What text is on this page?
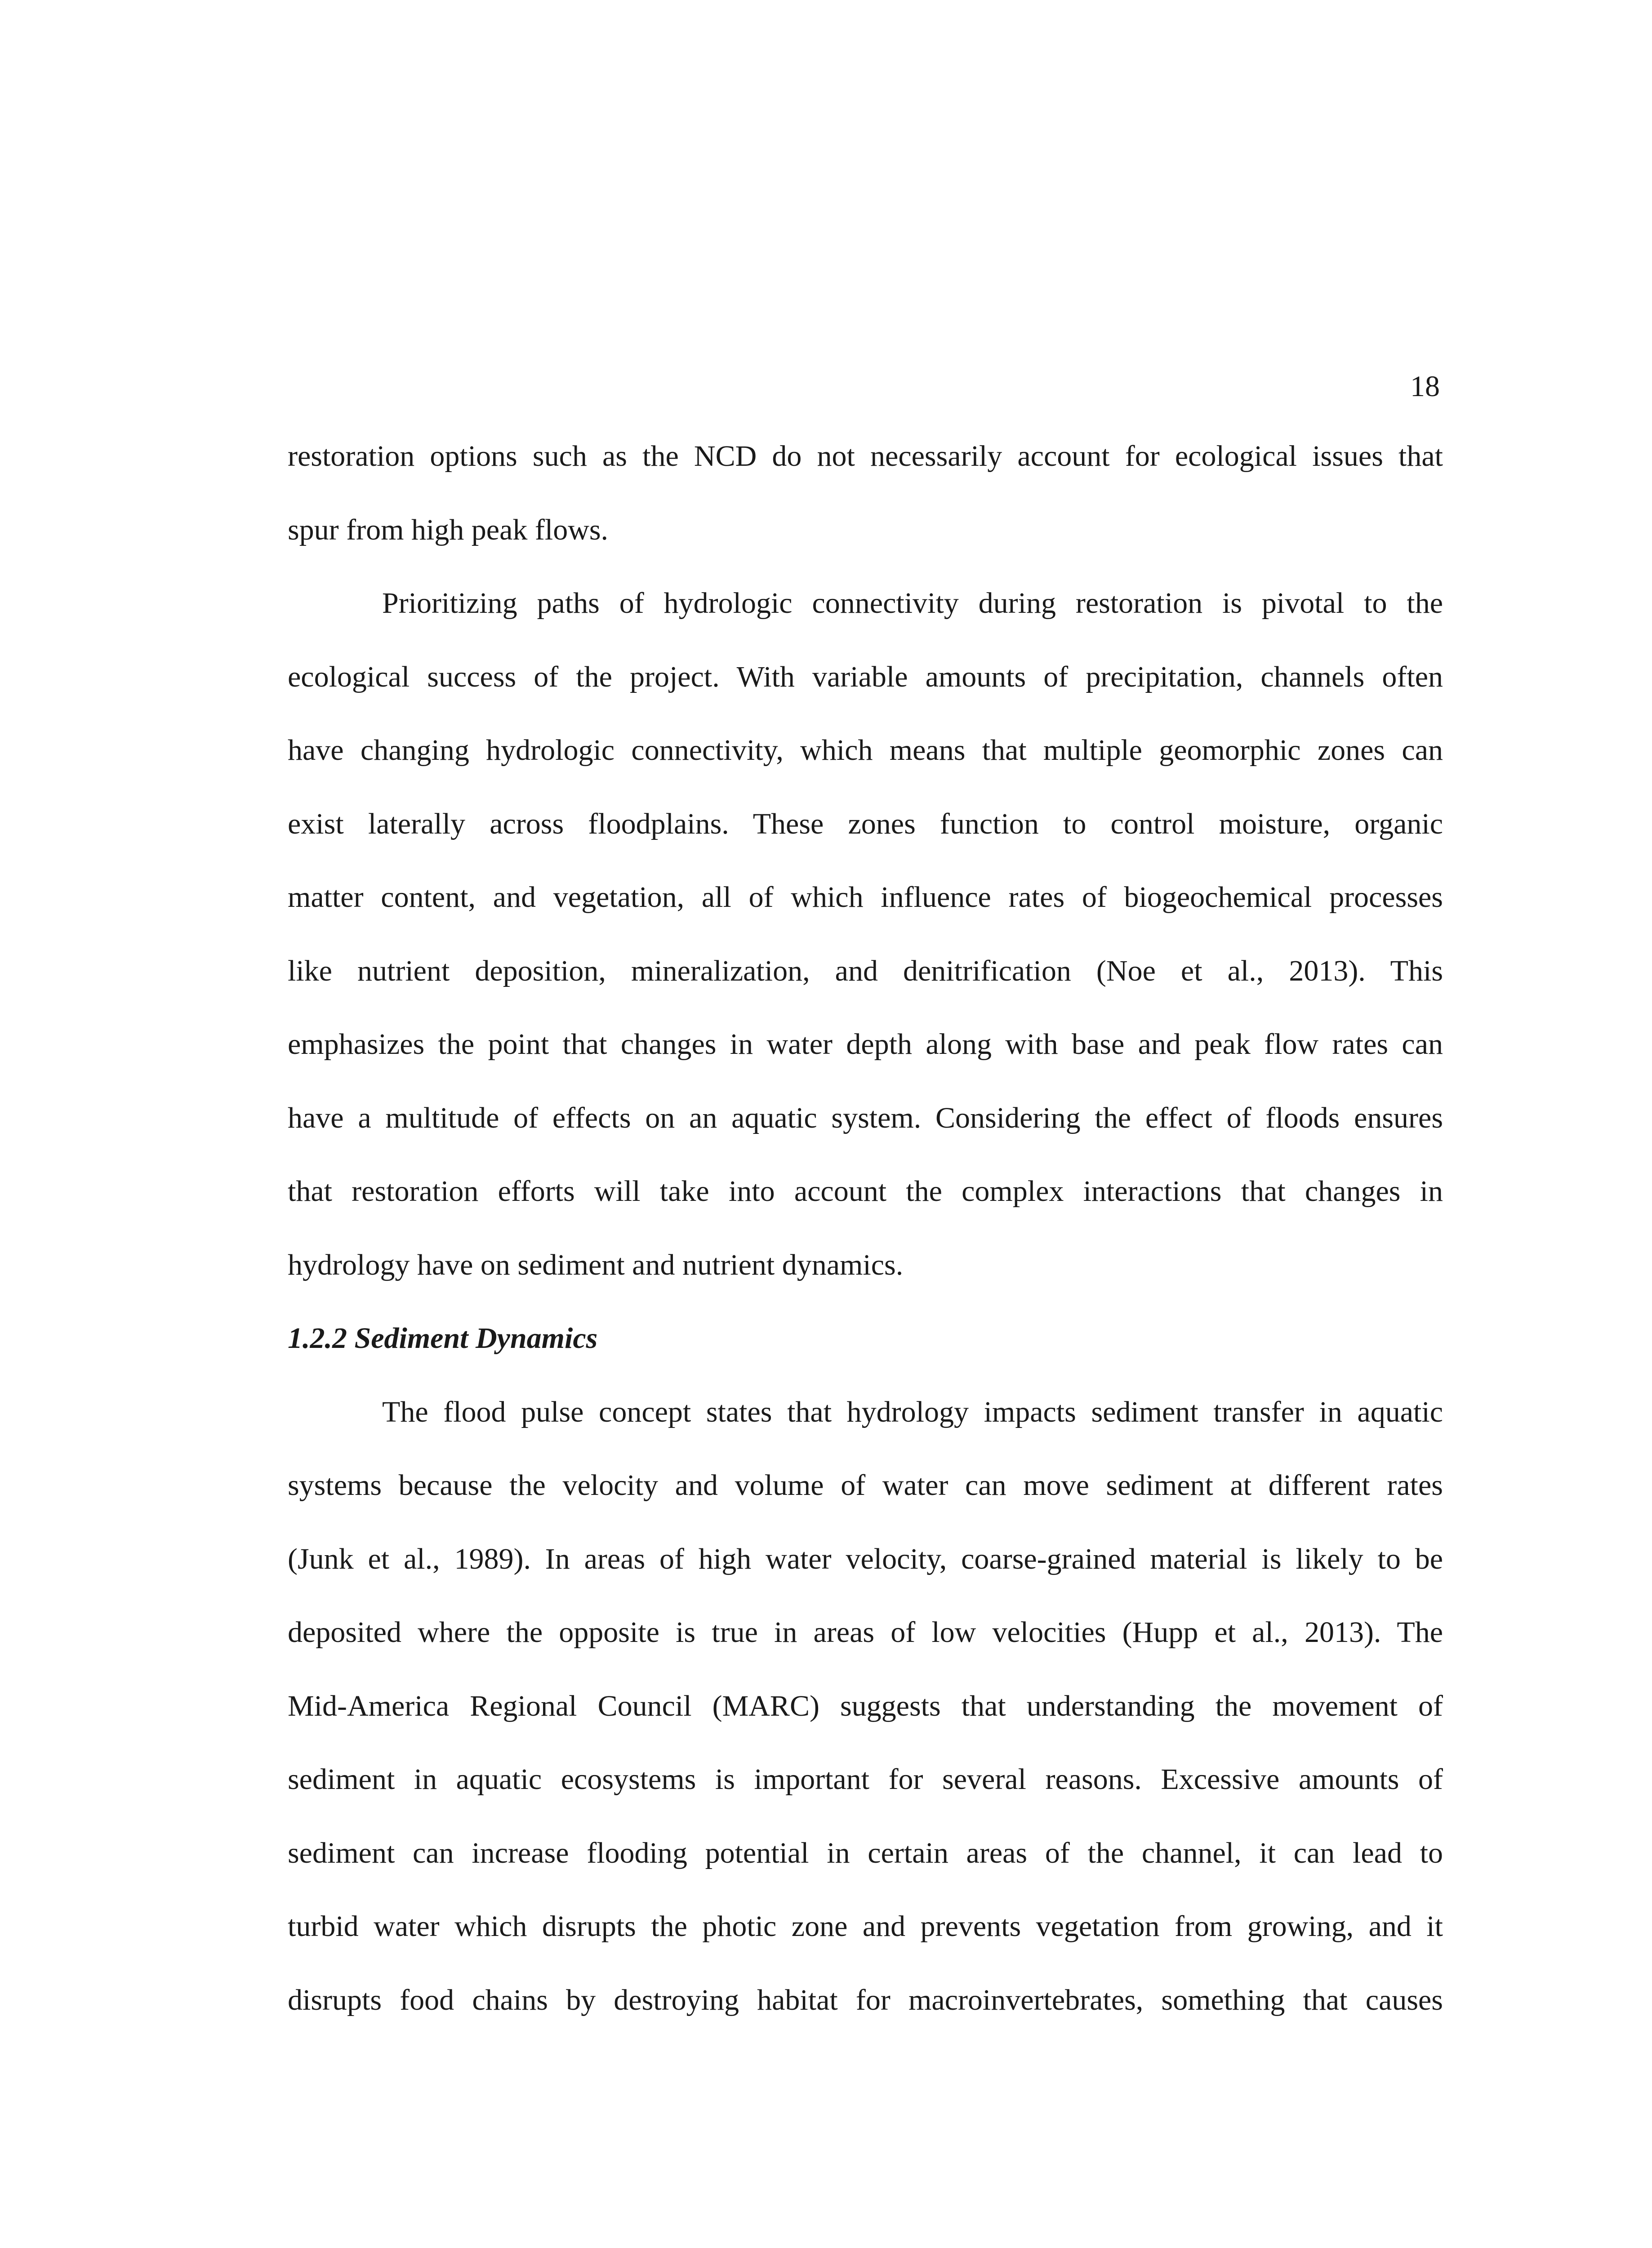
18
restoration options such as the NCD do not necessarily account for ecological issues that
spur from high peak flows.
Prioritizing paths of hydrologic connectivity during restoration is pivotal to the
ecological success of the project. With variable amounts of precipitation, channels often
have changing hydrologic connectivity, which means that multiple geomorphic zones can
exist laterally across floodplains. These zones function to control moisture, organic
matter content, and vegetation, all of which influence rates of biogeochemical processes
like nutrient deposition, mineralization, and denitrification (Noe et al., 2013). This
emphasizes the point that changes in water depth along with base and peak flow rates can
have a multitude of effects on an aquatic system. Considering the effect of floods ensures
that restoration efforts will take into account the complex interactions that changes in
hydrology have on sediment and nutrient dynamics.
1.2.2 Sediment Dynamics
The flood pulse concept states that hydrology impacts sediment transfer in aquatic
systems because the velocity and volume of water can move sediment at different rates
(Junk et al., 1989). In areas of high water velocity, coarse-grained material is likely to be
deposited where the opposite is true in areas of low velocities (Hupp et al., 2013). The
Mid-America Regional Council (MARC) suggests that understanding the movement of
sediment in aquatic ecosystems is important for several reasons. Excessive amounts of
sediment can increase flooding potential in certain areas of the channel, it can lead to
turbid water which disrupts the photic zone and prevents vegetation from growing, and it
disrupts food chains by destroying habitat for macroinvertebrates, something that causes
